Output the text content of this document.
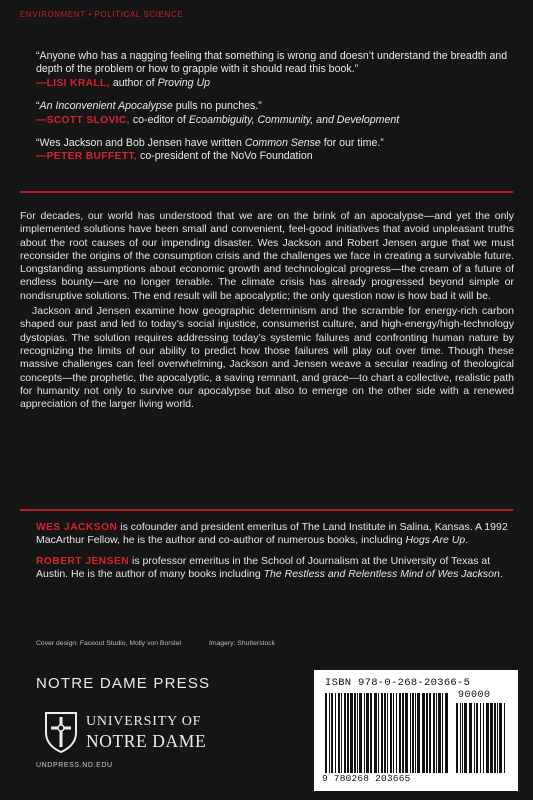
ENVIRONMENT • POLITICAL SCIENCE
“Anyone who has a nagging feeling that something is wrong and doesn’t understand the breadth and depth of the problem or how to grapple with it should read this book.”
—LISI KRALL, author of Proving Up
“An Inconvenient Apocalypse pulls no punches.”
—SCOTT SLOVIC, co-editor of Ecoambiguity, Community, and Development
“Wes Jackson and Bob Jensen have written Common Sense for our time.”
—PETER BUFFETT, co-president of the NoVo Foundation

For decades, our world has understood that we are on the brink of an apocalypse—and yet the only implemented solutions have been small and convenient, feel-good initiatives that avoid unpleasant truths about the root causes of our impending disaster. Wes Jackson and Robert Jensen argue that we must reconsider the origins of the consumption crisis and the challenges we face in creating a survivable future. Longstanding assumptions about economic growth and technological progress—the cream of a future of endless bounty—are no longer tenable. The climate crisis has already progressed beyond simple or nondisruptive solutions. The end result will be apocalyptic; the only question now is how bad it will be.

Jackson and Jensen examine how geographic determinism and the scramble for energy-rich carbon shaped our past and led to today’s social injustice, consumerist culture, and high-energy/high-technology dystopias. The solution requires addressing today’s systemic failures and confronting human nature by recognizing the limits of our ability to predict how those failures will play out over time. Though these massive challenges can feel overwhelming, Jackson and Jensen weave a secular reading of theological concepts—the prophetic, the apocalyptic, a saving remnant, and grace—to chart a collective, realistic path for humanity not only to survive our apocalypse but also to emerge on the other side with a renewed appreciation of the larger living world.

WES JACKSON is cofounder and president emeritus of The Land Institute in Salina, Kansas. A 1992 MacArthur Fellow, he is the author and co-author of numerous books, including Hogs Are Up.
ROBERT JENSEN is professor emeritus in the School of Journalism at the University of Texas at Austin. He is the author of many books including The Restless and Relentless Mind of Wes Jackson.
Cover design: Faceout Studio, Molly von Borstel	Imagery: Shutterstock
NOTRE DAME PRESS
UNIVERSITY OF
NOTRE DAME
UNDPRESS.ND.EDU
ISBN 978-0-268-20366-5
90000
9 780268 203665
